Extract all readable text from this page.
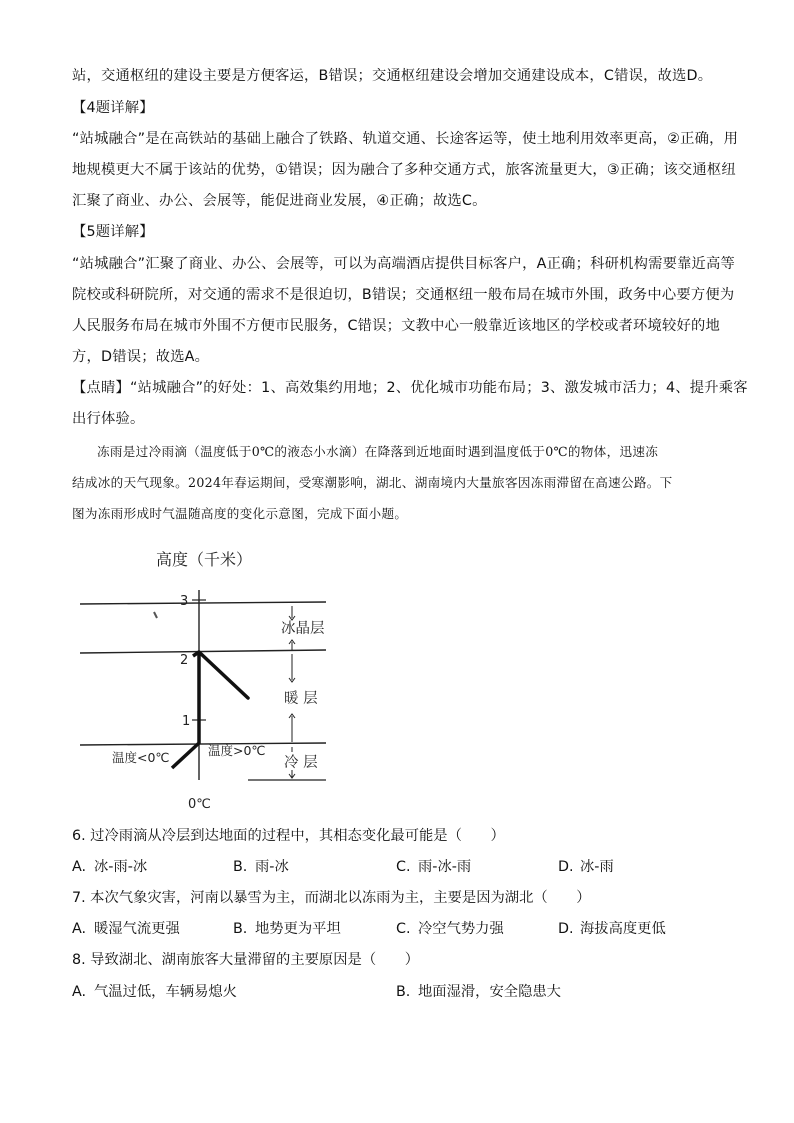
站，交通枢纽的建设主要是方便客运，B错误；交通枢纽建设会增加交通建设成本，C错误，故选D。
【4题详解】
“站城融合”是在高铁站的基础上融合了铁路、轨道交通、长途客运等，使土地利用效率更高，②正确，用
地规模更大不属于该站的优势，①错误；因为融合了多种交通方式，旅客流量更大，③正确；该交通枢纽
汇聚了商业、办公、会展等，能促进商业发展，④正确；故选C。
【5题详解】
“站城融合”汇聚了商业、办公、会展等，可以为高端酒店提供目标客户，A正确；科研机构需要靠近高等
院校或科研院所，对交通的需求不是很迫切，B错误；交通枢纽一般布局在城市外围，政务中心要方便为
人民服务布局在城市外围不方便市民服务，C错误；文教中心一般靠近该地区的学校或者环境较好的地
方，D错误；故选A。
【点睛】“站城融合”的好处：1、高效集约用地；2、优化城市功能布局；3、激发城市活力；4、提升乘客
出行体验。

冻雨是过冷雨滴（温度低于0℃的液态小水滴）在降落到近地面时遇到温度低于0℃的物体，迅速冻

结成冰的天气现象。2024年春运期间，受寒潮影响，湖北、湖南境内大量旅客因冻雨滞留在高速公路。下

图为冻雨形成时气温随高度的变化示意图，完成下面小题。

高度（千米）
3
2
1
冰晶层
暖 层
冷 层
温度<0℃	温度>0℃
0℃
6. 过冷雨滴从冷层到达地面的过程中，其相态变化最可能是（　　）
A. 冰-雨-冰	B. 雨-冰	C. 雨-冰-雨	D. 冰-雨
7. 本次气象灾害，河南以暴雪为主，而湖北以冻雨为主，主要是因为湖北（　　）
A. 暖湿气流更强	B. 地势更为平坦	C. 冷空气势力强	D. 海拔高度更低
8. 导致湖北、湖南旅客大量滞留的主要原因是（　　）
A. 气温过低，车辆易熄火	B. 地面湿滑，安全隐患大
